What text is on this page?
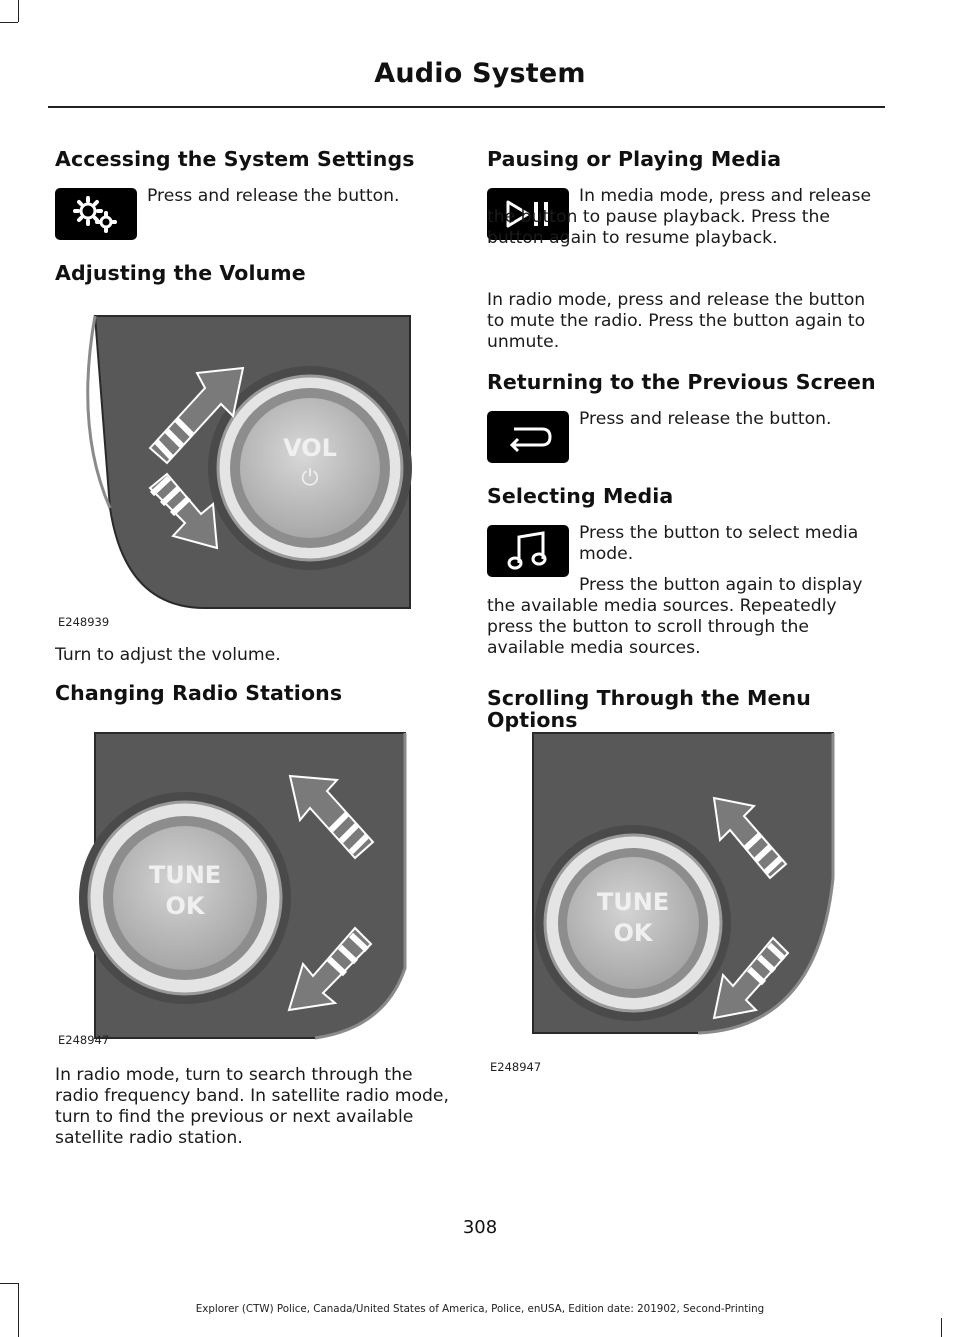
Audio System
Accessing the System Settings

Press and release the button.

Adjusting the Volume
VOL
⏻
E248939

Turn to adjust the volume.

Changing Radio Stations
TUNE
OK
E248947

In radio mode, turn to search through the radio frequency band. In satellite radio mode, turn to find the previous or next available satellite radio station.

Pausing or Playing Media

In media mode, press and release the button to pause playback. Press the button again to resume playback.

In radio mode, press and release the button to mute the radio. Press the button again to unmute.

Returning to the Previous Screen

Press and release the button.

Selecting Media

Press the button to select media mode.

Press the button again to display the available media sources. Repeatedly press the button to scroll through the available media sources.

Scrolling Through the Menu Options
TUNE
OK
E248947
308
Explorer (CTW) Police, Canada/United States of America, Police, enUSA, Edition date: 201902, Second-Printing
